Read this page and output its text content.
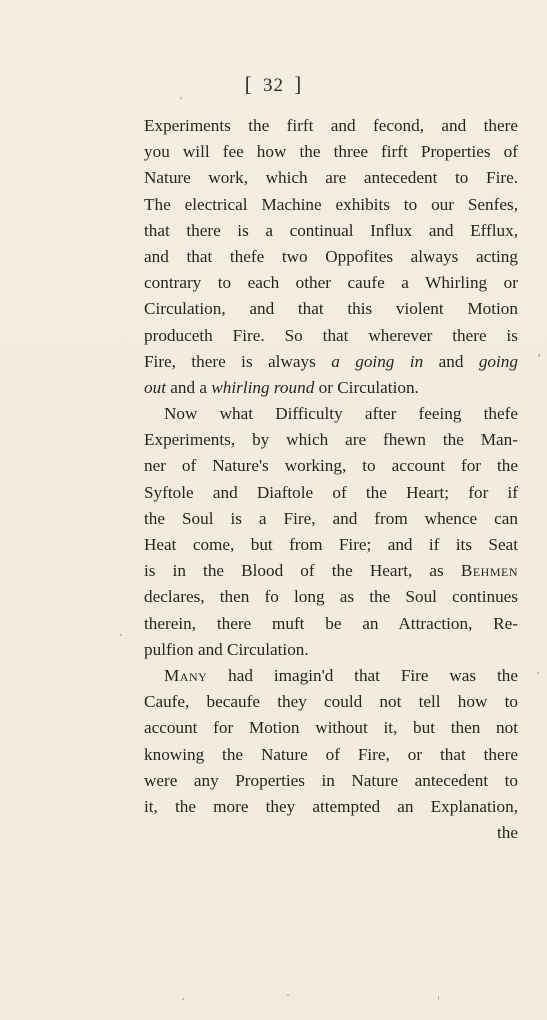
[ 32 ]
Experiments the firft and fecond, and there
you will fee how the three firft Properties of
Nature work, which are antecedent to Fire.
The electrical Machine exhibits to our Senfes,
that there is a continual Influx and Efflux,
and that thefe two Oppofites always acting
contrary to each other caufe a Whirling or
Circulation, and that this violent Motion
produceth Fire. So that wherever there is
Fire, there is always a going in and going
out and a whirling round or Circulation.
Now what Difficulty after feeing thefe
Experiments, by which are fhewn the Man-
ner of Nature's working, to account for the
Syftole and Diaftole of the Heart; for if
the Soul is a Fire, and from whence can
Heat come, but from Fire; and if its Seat
is in the Blood of the Heart, as Behmen
declares, then fo long as the Soul continues
therein, there muft be an Attraction, Re-
pulfion and Circulation.
Many had imagin'd that Fire was the
Caufe, becaufe they could not tell how to
account for Motion without it, but then not
knowing the Nature of Fire, or that there
were any Properties in Nature antecedent to
it, the more they attempted an Explanation,
the
